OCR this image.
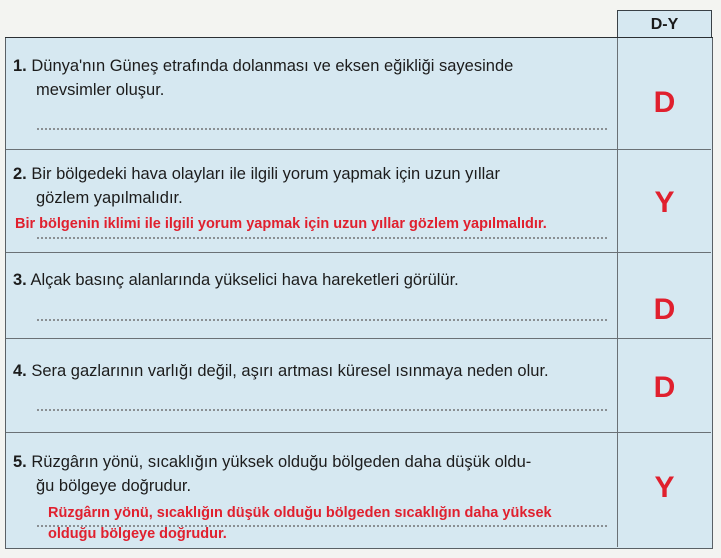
D-Y
1. Dünya'nın Güneş etrafında dolanması ve eksen eğikliği sayesinde
mevsimler oluşur.	D
2. Bir bölgedeki hava olayları ile ilgili yorum yapmak için uzun yıllar
gözlem yapılmalıdır.
Bir bölgenin iklimi ile ilgili yorum yapmak için uzun yıllar gözlem yapılmalıdır.
Y
3. Alçak basınç alanlarında yükselici hava hareketleri görülür.
D
4. Sera gazlarının varlığı değil, aşırı artması küresel ısınmaya neden olur.	D
5. Rüzgârın yönü, sıcaklığın yüksek olduğu bölgeden daha düşük oldu-
ğu bölgeye doğrudur.
Rüzgârın yönü, sıcaklığın düşük olduğu bölgeden sıcaklığın daha yüksek
olduğu bölgeye doğrudur.
Y
